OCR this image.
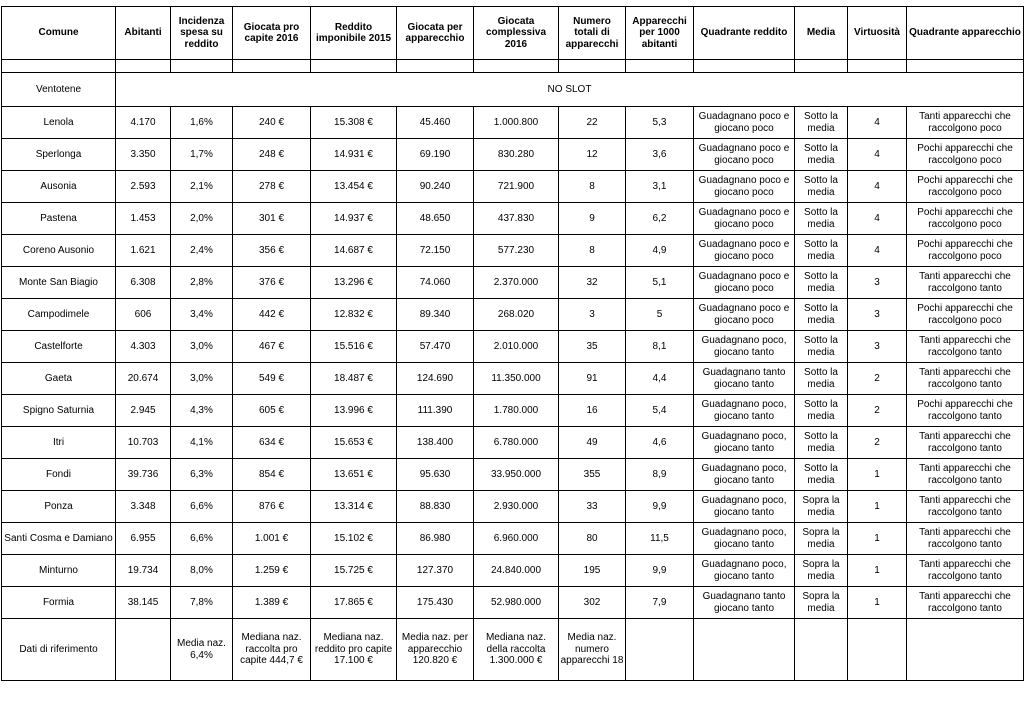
Comune	Abitanti	Incidenza spesa su reddito	Giocata pro capite 2016	Reddito imponibile 2015	Giocata per apparecchio	Giocata complessiva 2016	Numero totali di apparecchi	Apparecchi per 1000 abitanti	Quadrante reddito	Media	Virtuosità	Quadrante apparecchio

Ventotene	NO SLOT											
Lenola	4.170	1,6%	240 €	15.308 €	45.460	1.000.800	22	5,3	Guadagnano poco e giocano poco	Sotto la media	4	Tanti apparecchi che raccolgono poco
Sperlonga	3.350	1,7%	248 €	14.931 €	69.190	830.280	12	3,6	Guadagnano poco e giocano poco	Sotto la media	4	Pochi apparecchi che raccolgono poco
Ausonia	2.593	2,1%	278 €	13.454 €	90.240	721.900	8	3,1	Guadagnano poco e giocano poco	Sotto la media	4	Pochi apparecchi che raccolgono poco
Pastena	1.453	2,0%	301 €	14.937 €	48.650	437.830	9	6,2	Guadagnano poco e giocano poco	Sotto la media	4	Pochi apparecchi che raccolgono poco
Coreno Ausonio	1.621	2,4%	356 €	14.687 €	72.150	577.230	8	4,9	Guadagnano poco e giocano poco	Sotto la media	4	Pochi apparecchi che raccolgono poco
Monte San Biagio	6.308	2,8%	376 €	13.296 €	74.060	2.370.000	32	5,1	Guadagnano poco e giocano poco	Sotto la media	3	Tanti apparecchi che raccolgono tanto
Campodimele	606	3,4%	442 €	12.832 €	89.340	268.020	3	5	Guadagnano poco e giocano poco	Sotto la media	3	Pochi apparecchi che raccolgono poco
Castelforte	4.303	3,0%	467 €	15.516 €	57.470	2.010.000	35	8,1	Guadagnano poco, giocano tanto	Sotto la media	3	Tanti apparecchi che raccolgono tanto
Gaeta	20.674	3,0%	549 €	18.487 €	124.690	11.350.000	91	4,4	Guadagnano tanto giocano tanto	Sotto la media	2	Tanti apparecchi che raccolgono tanto
Spigno Saturnia	2.945	4,3%	605 €	13.996 €	111.390	1.780.000	16	5,4	Guadagnano poco, giocano tanto	Sotto la media	2	Pochi apparecchi che raccolgono tanto
Itri	10.703	4,1%	634 €	15.653 €	138.400	6.780.000	49	4,6	Guadagnano poco, giocano tanto	Sotto la media	2	Tanti apparecchi che raccolgono tanto
Fondi	39.736	6,3%	854 €	13.651 €	95.630	33.950.000	355	8,9	Guadagnano poco, giocano tanto	Sotto la media	1	Tanti apparecchi che raccolgono tanto
Ponza	3.348	6,6%	876 €	13.314 €	88.830	2.930.000	33	9,9	Guadagnano poco, giocano tanto	Sopra la media	1	Tanti apparecchi che raccolgono tanto
Santi Cosma e Damiano	6.955	6,6%	1.001 €	15.102 €	86.980	6.960.000	80	11,5	Guadagnano poco, giocano tanto	Sopra la media	1	Tanti apparecchi che raccolgono tanto
Minturno	19.734	8,0%	1.259 €	15.725 €	127.370	24.840.000	195	9,9	Guadagnano poco, giocano tanto	Sopra la media	1	Tanti apparecchi che raccolgono tanto
Formia	38.145	7,8%	1.389 €	17.865 €	175.430	52.980.000	302	7,9	Guadagnano tanto giocano tanto	Sopra la media	1	Tanti apparecchi che raccolgono tanto
Dati di riferimento		Media naz. 6,4%	Mediana naz. raccolta pro capite 444,7 €	Mediana naz. reddito pro capite 17.100 €	Media naz. per apparecchio 120.820 €	Mediana naz. della raccolta 1.300.000 €	Media naz. numero apparecchi 18					
